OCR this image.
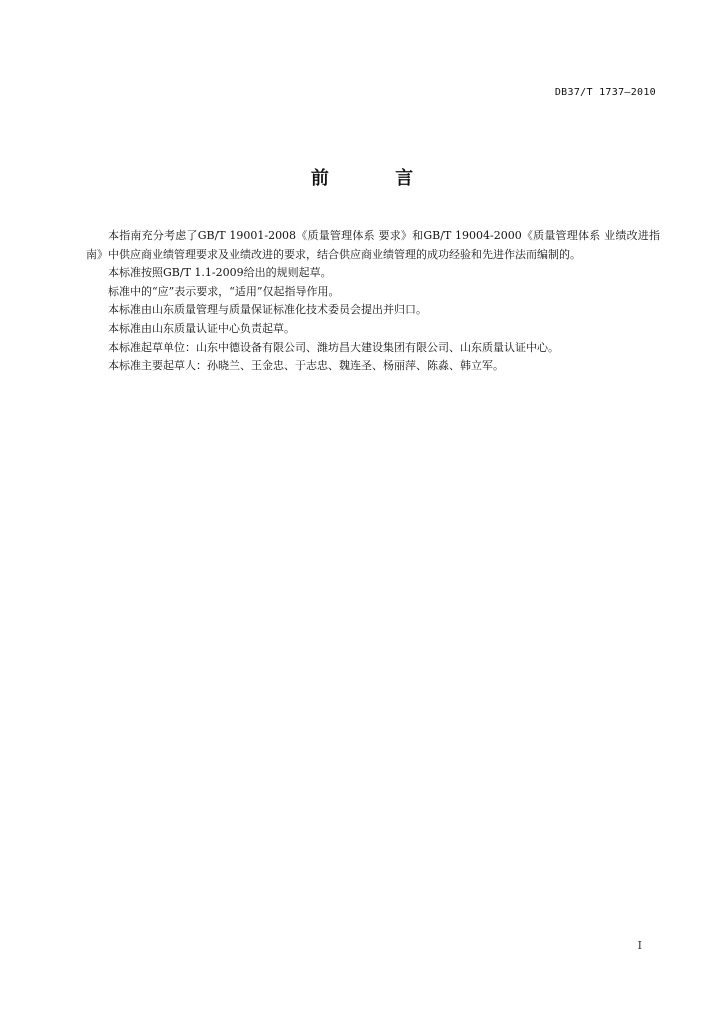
DB37/T 1737—2010
前 言

本指南充分考虑了GB/T 19001-2008《质量管理体系 要求》和GB/T 19004-2000《质量管理体系 业绩改进指南》中供应商业绩管理要求及业绩改进的要求，结合供应商业绩管理的成功经验和先进作法而编制的。

本标准按照GB/T 1.1-2009给出的规则起草。

标准中的“应”表示要求，“适用”仅起指导作用。

本标准由山东质量管理与质量保证标准化技术委员会提出并归口。

本标准由山东质量认证中心负责起草。

本标准起草单位：山东中德设备有限公司、潍坊昌大建设集团有限公司、山东质量认证中心。

本标准主要起草人：孙晓兰、王金忠、于志忠、魏连圣、杨丽萍、陈淼、韩立军。

I
